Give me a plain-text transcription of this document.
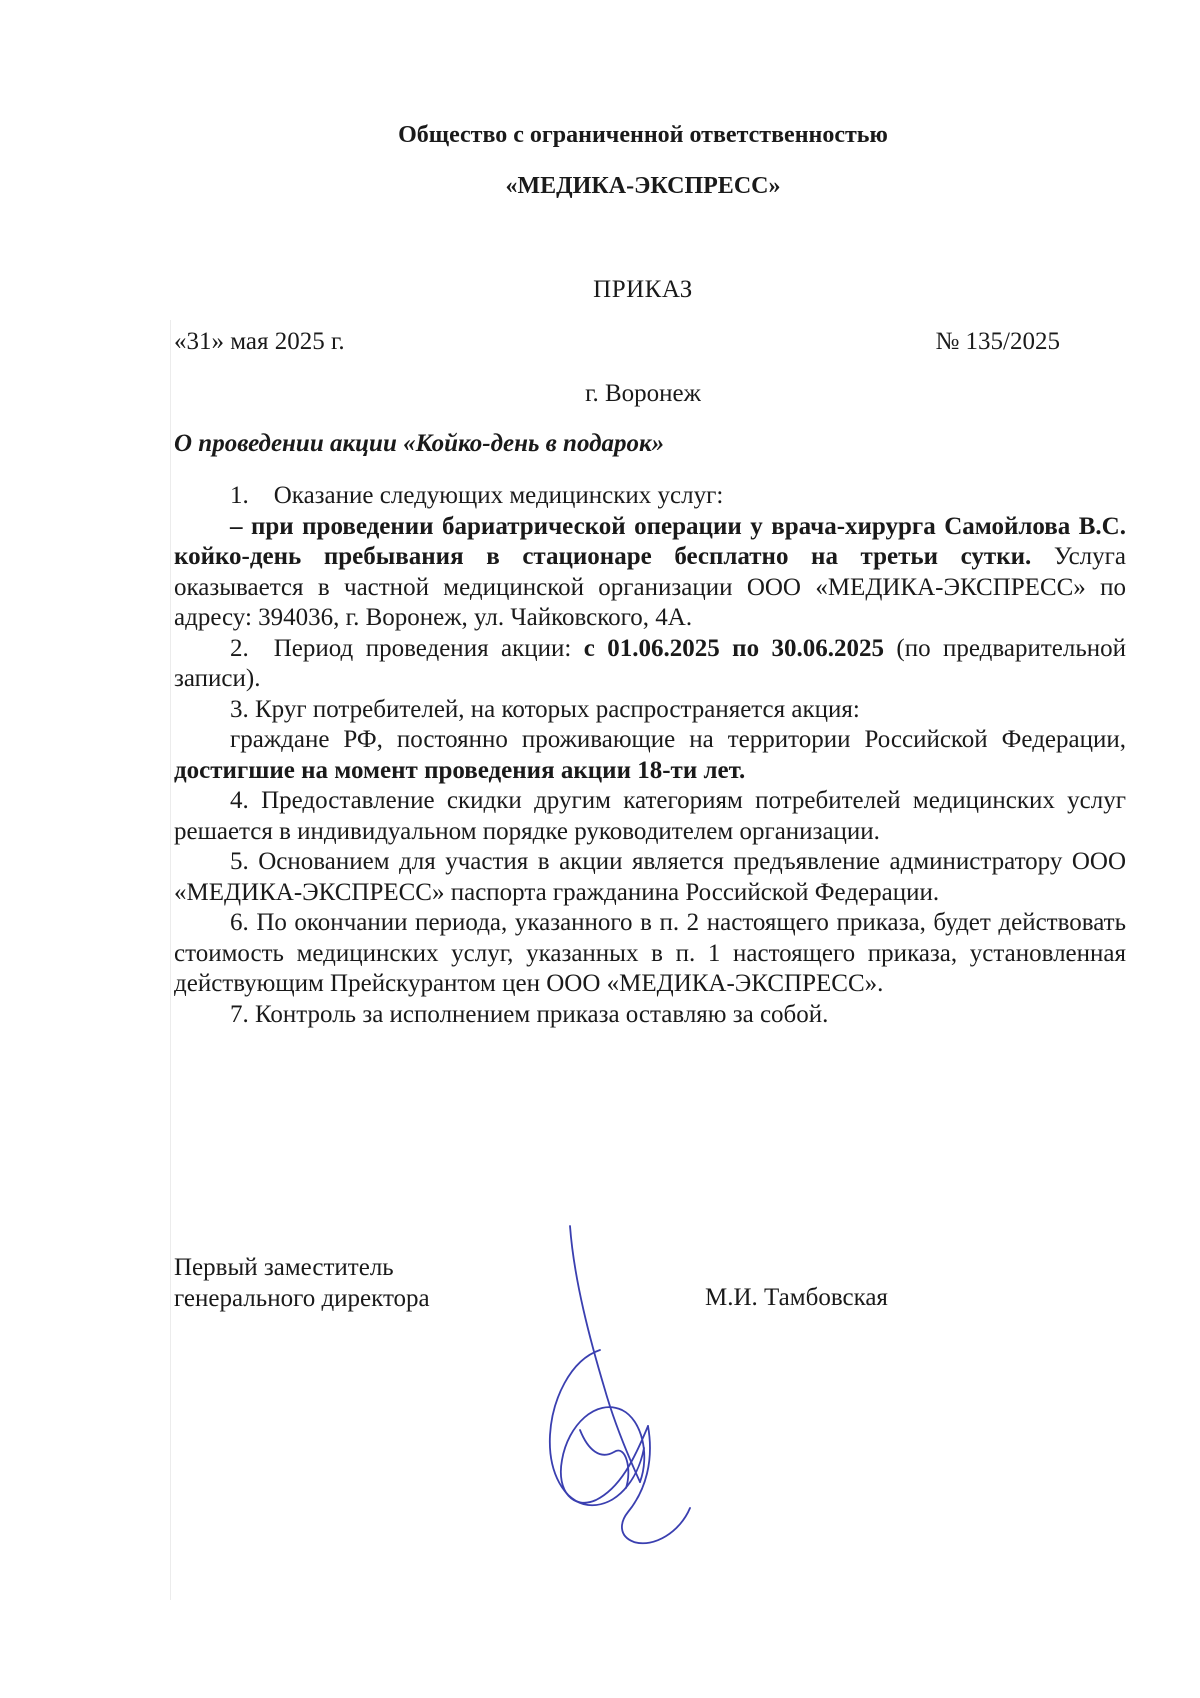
Общество с ограниченной ответственностью
«МЕДИКА-ЭКСПРЕСС»
ПРИКАЗ
«31» мая 2025 г.	№ 135/2025
г. Воронеж
О проведении акции «Койко-день в подарок»

1. Оказание следующих медицинских услуг:

– при проведении бариатрической операции у врача-хирурга Самойлова В.С. койко-день пребывания в стационаре бесплатно на третьи сутки. Услуга оказывается в частной медицинской организации ООО «МЕДИКА-ЭКСПРЕСС» по адресу: 394036, г. Воронеж, ул. Чайковского, 4А.

2. Период проведения акции: с 01.06.2025 по 30.06.2025 (по предварительной записи).

3. Круг потребителей, на которых распространяется акция:

граждане РФ, постоянно проживающие на территории Российской Федерации, достигшие на момент проведения акции 18-ти лет.

4. Предоставление скидки другим категориям потребителей медицинских услуг решается в индивидуальном порядке руководителем организации.

5. Основанием для участия в акции является предъявление администратору ООО «МЕДИКА-ЭКСПРЕСС» паспорта гражданина Российской Федерации.

6. По окончании периода, указанного в п. 2 настоящего приказа, будет действовать стоимость медицинских услуг, указанных в п. 1 настоящего приказа, установленная действующим Прейскурантом цен ООО «МЕДИКА-ЭКСПРЕСС».

7. Контроль за исполнением приказа оставляю за собой.

Первый заместитель
генерального директора	М.И. Тамбовская
